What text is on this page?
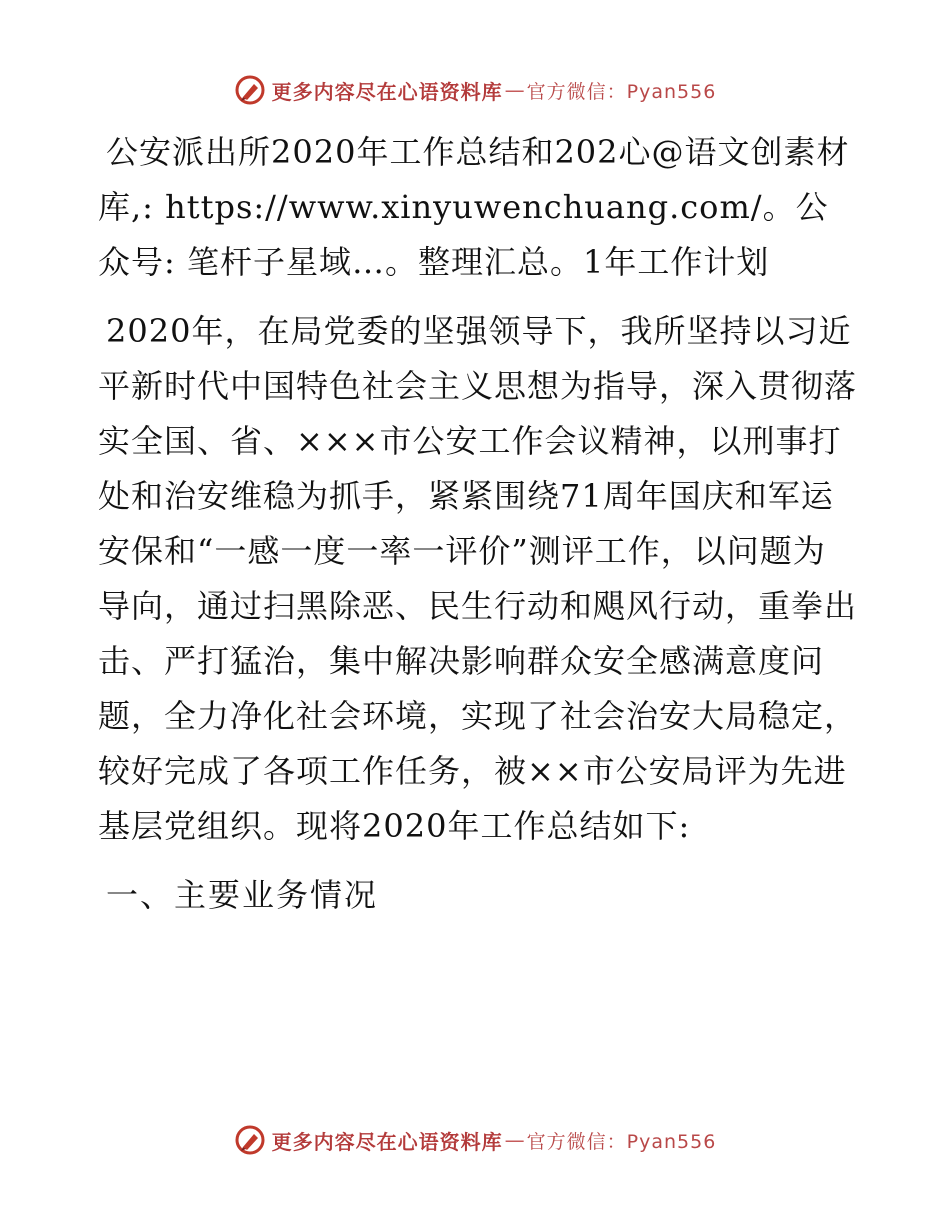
更多内容尽在心语资料库 — 官方微信：Pyan556

公安派出所2020年工作总结和202心@语文创素材库,: https://www.xinyuwenchuang.com/。公众号: 笔杆子星域…。整理汇总。1年工作计划

2020年，在局党委的坚强领导下，我所坚持以习近平新时代中国特色社会主义思想为指导，深入贯彻落实全国、省、×××市公安工作会议精神，以刑事打处和治安维稳为抓手，紧紧围绕71周年国庆和军运安保和“一感一度一率一评价”测评工作，以问题为导向，通过扫黑除恶、民生行动和飓风行动，重拳出击、严打猛治，集中解决影响群众安全感满意度问题，全力净化社会环境，实现了社会治安大局稳定，较好完成了各项工作任务，被××市公安局评为先进基层党组织。现将2020年工作总结如下:

一、主要业务情况

更多内容尽在心语资料库 — 官方微信：Pyan556
